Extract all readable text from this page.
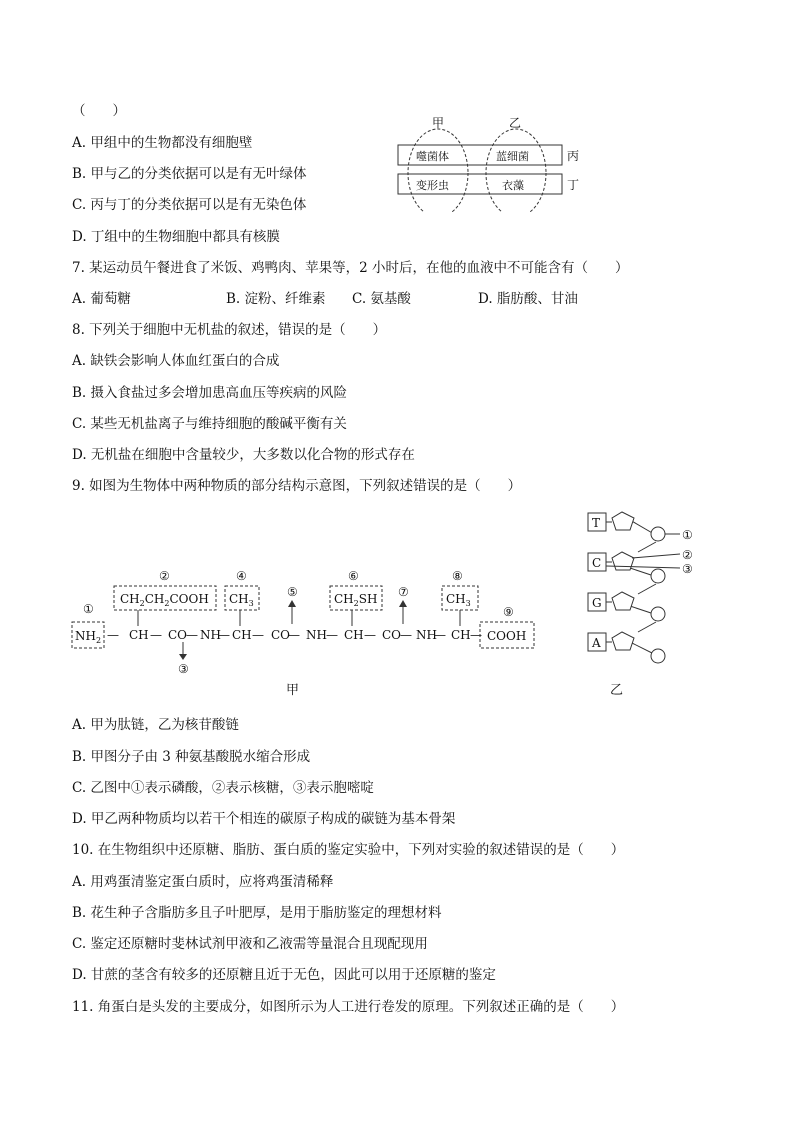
（　　）
A. 甲组中的生物都没有细胞壁
B. 甲与乙的分类依据可以是有无叶绿体
C. 丙与丁的分类依据可以是有无染色体
D. 丁组中的生物细胞中都具有核膜
甲	乙
噬菌体	蓝细菌
变形虫	衣藻
丙
丁
7. 某运动员午餐进食了米饭、鸡鸭肉、苹果等，2 小时后，在他的血液中不可能含有（　　）
A. 葡萄糖	B. 淀粉、纤维素 C. 氨基酸	D. 脂肪酸、甘油
8. 下列关于细胞中无机盐的叙述，错误的是（　　）
A. 缺铁会影响人体血红蛋白的合成
B. 摄入食盐过多会增加患高血压等疾病的风险
C. 某些无机盐离子与维持细胞的酸碱平衡有关
D. 无机盐在细胞中含量较少，大多数以化合物的形式存在
9. 如图为生物体中两种物质的部分结构示意图，下列叙述错误的是（　　）
②	④	⑥	⑧
①
⑤	⑦
⑨
③
$CH_2CH_2COOH$ $CH_3$	$CH_2SH$	$CH_3$
$NH_2$ — CH — CO
— NH
— CH — CO
— NH — CH — CO
— NH
— CH — COOH
甲
T
C
G
A
①
②
③
乙
A. 甲为肽链，乙为核苷酸链
B. 甲图分子由 3 种氨基酸脱水缩合形成
C. 乙图中①表示磷酸，②表示核糖，③表示胞嘧啶
D. 甲乙两种物质均以若干个相连的碳原子构成的碳链为基本骨架
10. 在生物组织中还原糖、脂肪、蛋白质的鉴定实验中，下列对实验的叙述错误的是（　　）
A. 用鸡蛋清鉴定蛋白质时，应将鸡蛋清稀释
B. 花生种子含脂肪多且子叶肥厚，是用于脂肪鉴定的理想材料
C. 鉴定还原糖时斐林试剂甲液和乙液需等量混合且现配现用
D. 甘蔗的茎含有较多的还原糖且近于无色，因此可以用于还原糖的鉴定
11. 角蛋白是头发的主要成分，如图所示为人工进行卷发的原理。下列叙述正确的是（　　）
